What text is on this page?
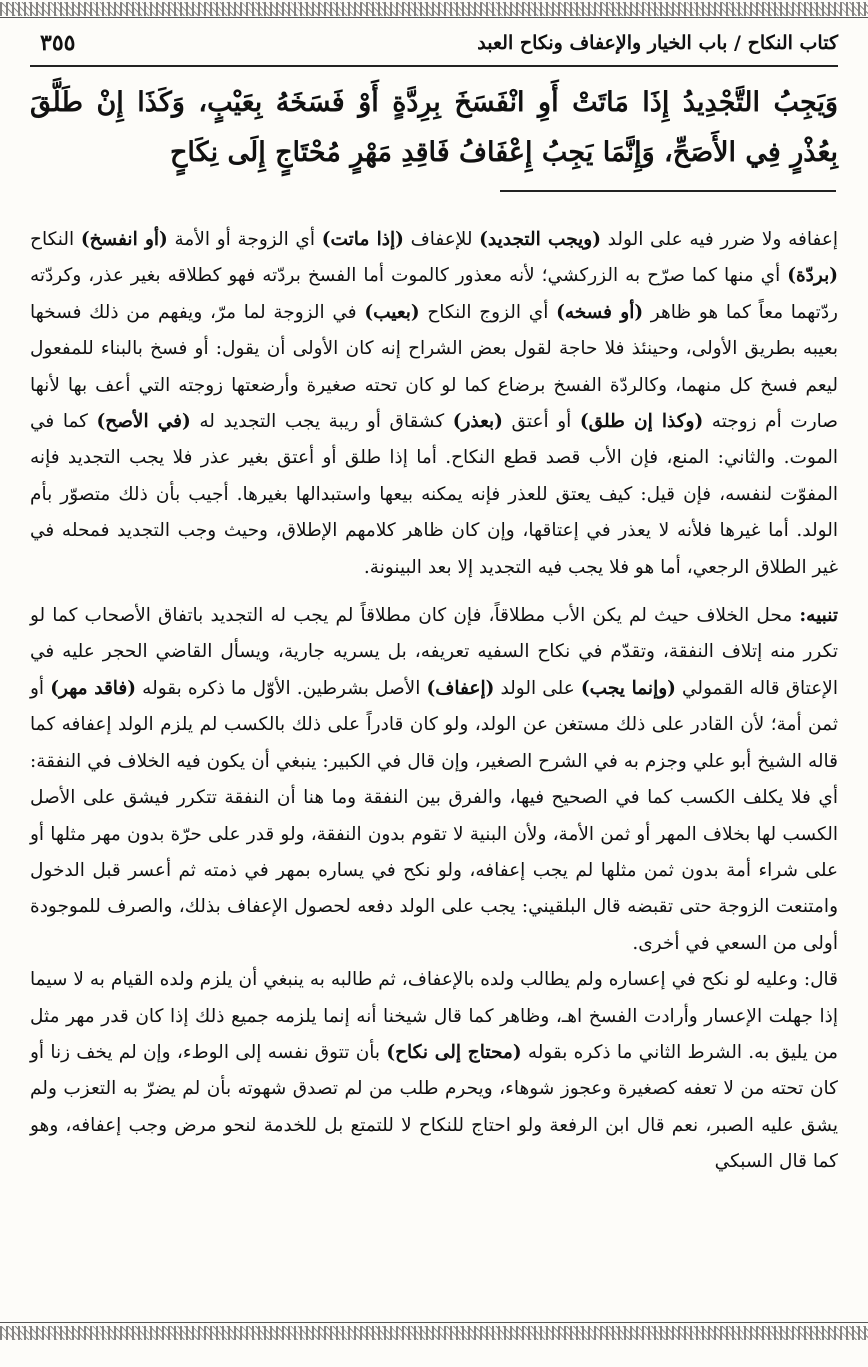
كتاب النكاح / باب الخيار والإعفاف ونكاح العبد
٣٥٥
وَيَجِبُ التَّجْدِيدُ إِذَا مَاتَتْ أَوِ انْفَسَخَ بِرِدَّةٍ أَوْ فَسَخَهُ بِعَيْبٍ، وَكَذَا إِنْ طَلَّقَ بِعُذْرٍ فِي الأَصَحِّ، وَإِنَّمَا يَجِبُ إِعْفَافُ فَاقِدِ مَهْرٍ مُحْتَاجٍ إِلَى نِكَاحٍ

إعفافه ولا ضرر فيه على الولد (ويجب التجديد) للإعفاف (إذا ماتت) أي الزوجة أو الأمة (أو انفسخ) النكاح (بردّة) أي منها كما صرّح به الزركشي؛ لأنه معذور كالموت أما الفسخ بردّته فهو كطلاقه بغير عذر، وكردّته ردّتهما معاً كما هو ظاهر (أو فسخه) أي الزوج النكاح (بعيب) في الزوجة لما مرّ، ويفهم من ذلك فسخها بعيبه بطريق الأولى، وحينئذ فلا حاجة لقول بعض الشراح إنه كان الأولى أن يقول: أو فسخ بالبناء للمفعول ليعم فسخ كل منهما، وكالردّة الفسخ برضاع كما لو كان تحته صغيرة وأرضعتها زوجته التي أعف بها لأنها صارت أم زوجته (وكذا إن طلق) أو أعتق (بعذر) كشقاق أو ريبة يجب التجديد له (في الأصح) كما في الموت. والثاني: المنع، فإن الأب قصد قطع النكاح. أما إذا طلق أو أعتق بغير عذر فلا يجب التجديد فإنه المفوّت لنفسه، فإن قيل: كيف يعتق للعذر فإنه يمكنه بيعها واستبدالها بغيرها. أجيب بأن ذلك متصوّر بأم الولد. أما غيرها فلأنه لا يعذر في إعتاقها، وإن كان ظاهر كلامهم الإطلاق، وحيث وجب التجديد فمحله في غير الطلاق الرجعي، أما هو فلا يجب فيه التجديد إلا بعد البينونة.

تنبيه: محل الخلاف حيث لم يكن الأب مطلاقاً، فإن كان مطلاقاً لم يجب له التجديد باتفاق الأصحاب كما لو تكرر منه إتلاف النفقة، وتقدّم في نكاح السفيه تعريفه، بل يسريه جارية، ويسأل القاضي الحجر عليه في الإعتاق قاله القمولي (وإنما يجب) على الولد (إعفاف) الأصل بشرطين. الأوّل ما ذكره بقوله (فاقد مهر) أو ثمن أمة؛ لأن القادر على ذلك مستغن عن الولد، ولو كان قادراً على ذلك بالكسب لم يلزم الولد إعفافه كما قاله الشيخ أبو علي وجزم به في الشرح الصغير، وإن قال في الكبير: ينبغي أن يكون فيه الخلاف في النفقة: أي فلا يكلف الكسب كما في الصحيح فيها، والفرق بين النفقة وما هنا أن النفقة تتكرر فيشق على الأصل الكسب لها بخلاف المهر أو ثمن الأمة، ولأن البنية لا تقوم بدون النفقة، ولو قدر على حرّة بدون مهر مثلها أو على شراء أمة بدون ثمن مثلها لم يجب إعفافه، ولو نكح في يساره بمهر في ذمته ثم أعسر قبل الدخول وامتنعت الزوجة حتى تقبضه قال البلقيني: يجب على الولد دفعه لحصول الإعفاف بذلك، والصرف للموجودة أولى من السعي في أخرى.

قال: وعليه لو نكح في إعساره ولم يطالب ولده بالإعفاف، ثم طالبه به ينبغي أن يلزم ولده القيام به لا سيما إذا جهلت الإعسار وأرادت الفسخ اهـ، وظاهر كما قال شيخنا أنه إنما يلزمه جميع ذلك إذا كان قدر مهر مثل من يليق به. الشرط الثاني ما ذكره بقوله (محتاج إلى نكاح) بأن تتوق نفسه إلى الوطء، وإن لم يخف زنا أو كان تحته من لا تعفه كصغيرة وعجوز شوهاء، ويحرم طلب من لم تصدق شهوته بأن لم يضرّ به التعزب ولم يشق عليه الصبر، نعم قال ابن الرفعة ولو احتاج للنكاح لا للتمتع بل للخدمة لنحو مرض وجب إعفافه، وهو كما قال السبكي
